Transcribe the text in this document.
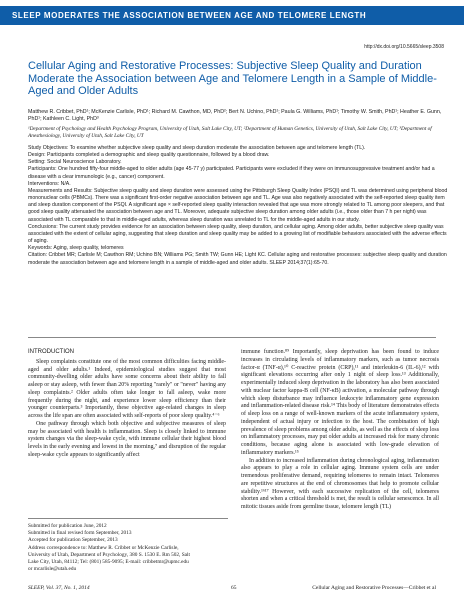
SLEEP MODERATES THE ASSOCIATION BETWEEN AGE AND TELOMERE LENGTH
http://dx.doi.org/10.5665/sleep.3508
Cellular Aging and Restorative Processes: Subjective Sleep Quality and Duration Moderate the Association between Age and Telomere Length in a Sample of Middle-Aged and Older Adults
Matthew R. Cribbet, PhD¹; McKenzie Carlisle, PhD¹; Richard M. Cawthon, MD, PhD²; Bert N. Uchino, PhD¹; Paula G. Williams, PhD¹; Timothy W. Smith, PhD¹; Heather E. Gunn, PhD¹; Kathleen C. Light, PhD³
¹Department of Psychology and Health Psychology Program, University of Utah, Salt Lake City, UT; ²Department of Human Genetics, University of Utah, Salt Lake City, UT; ³Department of Anesthesiology, University of Utah, Salt Lake City, UT

Study Objectives: To examine whether subjective sleep quality and sleep duration moderate the association between age and telomere length (TL).

Design: Participants completed a demographic and sleep quality questionnaire, followed by a blood draw.

Setting: Social Neuroscience Laboratory.

Participants: One hundred fifty-four middle-aged to older adults (age 45-77 y) participated. Participants were excluded if they were on immunosuppressive treatment and/or had a disease with a clear immunologic (e.g., cancer) component.

Interventions: N/A.

Measurements and Results: Subjective sleep quality and sleep duration were assessed using the Pittsburgh Sleep Quality Index (PSQI) and TL was determined using peripheral blood mononuclear cells (PBMCs). There was a significant first-order negative association between age and TL. Age was also negatively associated with the self-reported sleep quality item and sleep duration component of the PSQI. A significant age × self-reported sleep quality interaction revealed that age was more strongly related to TL among poor sleepers, and that good sleep quality attenuated the association between age and TL. Moreover, adequate subjective sleep duration among older adults (i.e., those older than 7 h per night) was associated with TL comparable to that in middle-aged adults, whereas sleep duration was unrelated to TL for the middle-aged adults in our study.

Conclusions: The current study provides evidence for an association between sleep quality, sleep duration, and cellular aging. Among older adults, better subjective sleep quality was associated with the extent of cellular aging, suggesting that sleep duration and sleep quality may be added to a growing list of modifiable behaviors associated with the adverse effects of aging.

Keywords: Aging, sleep quality, telomeres

Citation: Cribbet MR; Carlisle M; Cawthon RM; Uchino BN; Williams PG; Smith TW; Gunn HE; Light KC. Cellular aging and restorative processes: subjective sleep quality and duration moderate the association between age and telomere length in a sample of middle-aged and older adults. SLEEP 2014;37(1):65-70.

INTRODUCTION

Sleep complaints constitute one of the most common difficulties facing middle-aged and older adults.¹ Indeed, epidemiological studies suggest that most community-dwelling older adults have some concerns about their ability to fall asleep or stay asleep, with fewer than 20% reporting "rarely" or "never" having any sleep complaints.² Older adults often take longer to fall asleep, wake more frequently during the night, and experience lower sleep efficiency than their younger counterparts.³ Importantly, these objective age-related changes in sleep across the life span are often associated with self-reports of poor sleep quality.⁴⁻⁶

One pathway through which both objective and subjective measures of sleep may be associated with health is inflammation. Sleep is closely linked to immune system changes via the sleep-wake cycle, with immune cellular their highest blood levels in the early evening and lowest in the morning,⁷ and disruption of the regular sleep-wake cycle appears to significantly affect

immune function.⁸⁹ Importantly, sleep deprivation has been found to induce increases in circulating levels of inflammatory markers, such as tumor necrosis factor-α (TNF-α),¹⁰ C-reactive protein (CRP),¹¹ and interleukin-6 (IL-6),¹² with significant elevations occurring after only 1 night of sleep loss.¹³ Additionally, experimentally induced sleep deprivation in the laboratory has also been associated with nuclear factor kappa-B cell (NF-κB) activation, a molecular pathway through which sleep disturbance may influence leukocyte inflammatory gene expression and inflammation-related disease risk.¹⁴ This body of literature demonstrates effects of sleep loss on a range of well-known markers of the acute inflammatory system, independent of actual injury or infection to the host. The combination of high prevalence of sleep problems among older adults, as well as the effects of sleep loss on inflammatory processes, may put older adults at increased risk for many chronic conditions, because aging alone is associated with low-grade elevation of inflammatory markers.¹⁵

In addition to increased inflammation during chronological aging, inflammation also appears to play a role in cellular aging. Immune system cells are under tremendous proliferative demand, requiring telomeres to remain intact. Telomeres are repetitive structures at the end of chromosomes that help to promote cellular stability.¹⁶¹⁷ However, with each successive replication of the cell, telomeres shorten and when a critical threshold is met, the result is cellular senescence. In all mitotic tissues aside from germline tissue, telomere length (TL)

Submitted for publication June, 2012
Submitted in final revised form September, 2013
Accepted for publication September, 2013
Address correspondence to: Matthew R. Cribbet or McKenzie Carlisle,
University of Utah, Department of Psychology, 380 S. 1530 E. Rm 502, Salt
Lake City, Utah, 84112; Tel: (801) 585-9095; E-mail: cribbetmr@upmc.edu
or mcarlisle@utah.edu
SLEEP, Vol. 37, No. 1, 2014	65	Cellular Aging and Restorative Processes—Cribbet et al
